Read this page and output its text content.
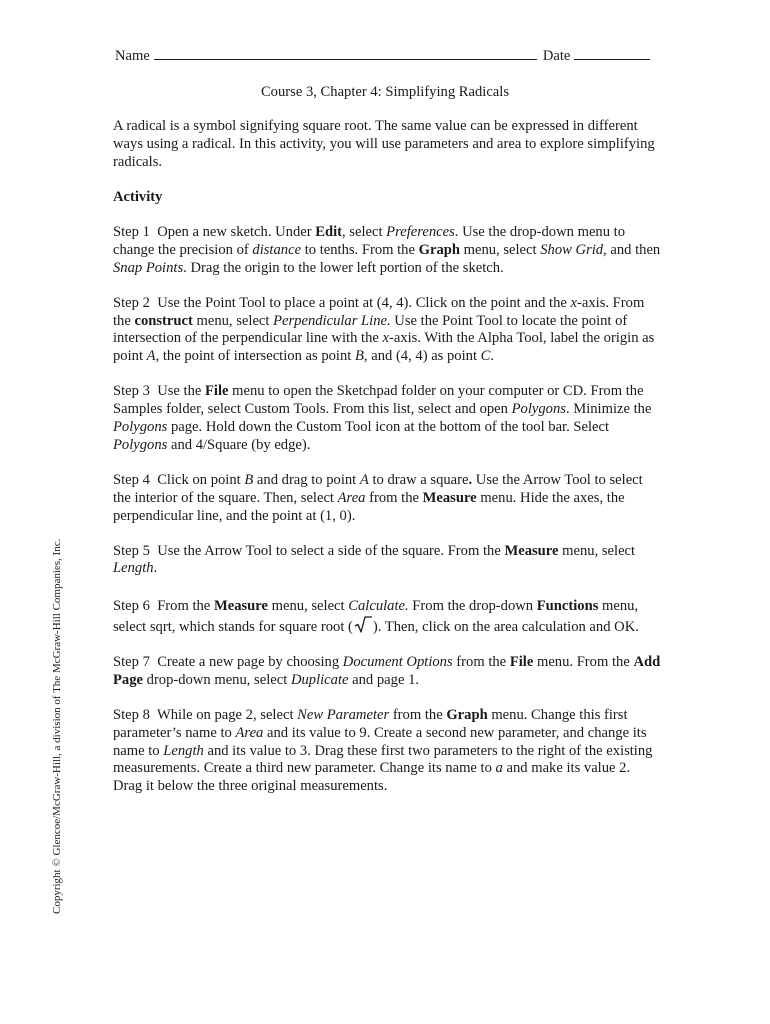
Name	Date
Course 3, Chapter 4: Simplifying Radicals

A radical is a symbol signifying square root. The same value can be expressed in different ways using a radical. In this activity, you will use parameters and area to explore simplifying radicals.

Activity

Step 1 Open a new sketch. Under Edit, select Preferences. Use the drop-down menu to change the precision of distance to tenths. From the Graph menu, select Show Grid, and then Snap Points. Drag the origin to the lower left portion of the sketch.

Step 2 Use the Point Tool to place a point at (4, 4). Click on the point and the x-axis. From the construct menu, select Perpendicular Line. Use the Point Tool to locate the point of intersection of the perpendicular line with the x-axis. With the Alpha Tool, label the origin as point A, the point of intersection as point B, and (4, 4) as point C.

Step 3 Use the File menu to open the Sketchpad folder on your computer or CD. From the Samples folder, select Custom Tools. From this list, select and open Polygons. Minimize the Polygons page. Hold down the Custom Tool icon at the bottom of the tool bar. Select Polygons and 4/Square (by edge).

Step 4 Click on point B and drag to point A to draw a square. Use the Arrow Tool to select the interior of the square. Then, select Area from the Measure menu. Hide the axes, the perpendicular line, and the point at (1, 0).

Step 5 Use the Arrow Tool to select a side of the square. From the Measure menu, select Length.

Step 6 From the Measure menu, select Calculate. From the drop-down Functions menu, select sqrt, which stands for square root ( ). Then, click on the area calculation and OK.

Step 7 Create a new page by choosing Document Options from the File menu. From the Add Page drop-down menu, select Duplicate and page 1.

Step 8 While on page 2, select New Parameter from the Graph menu. Change this first parameter’s name to Area and its value to 9. Create a second new parameter, and change its name to Length and its value to 3. Drag these first two parameters to the right of the existing measurements. Create a third new parameter. Change its name to a and make its value 2. Drag it below the three original measurements.

Copyright © Glencoe/McGraw-Hill, a division of The McGraw-Hill Companies, Inc.
